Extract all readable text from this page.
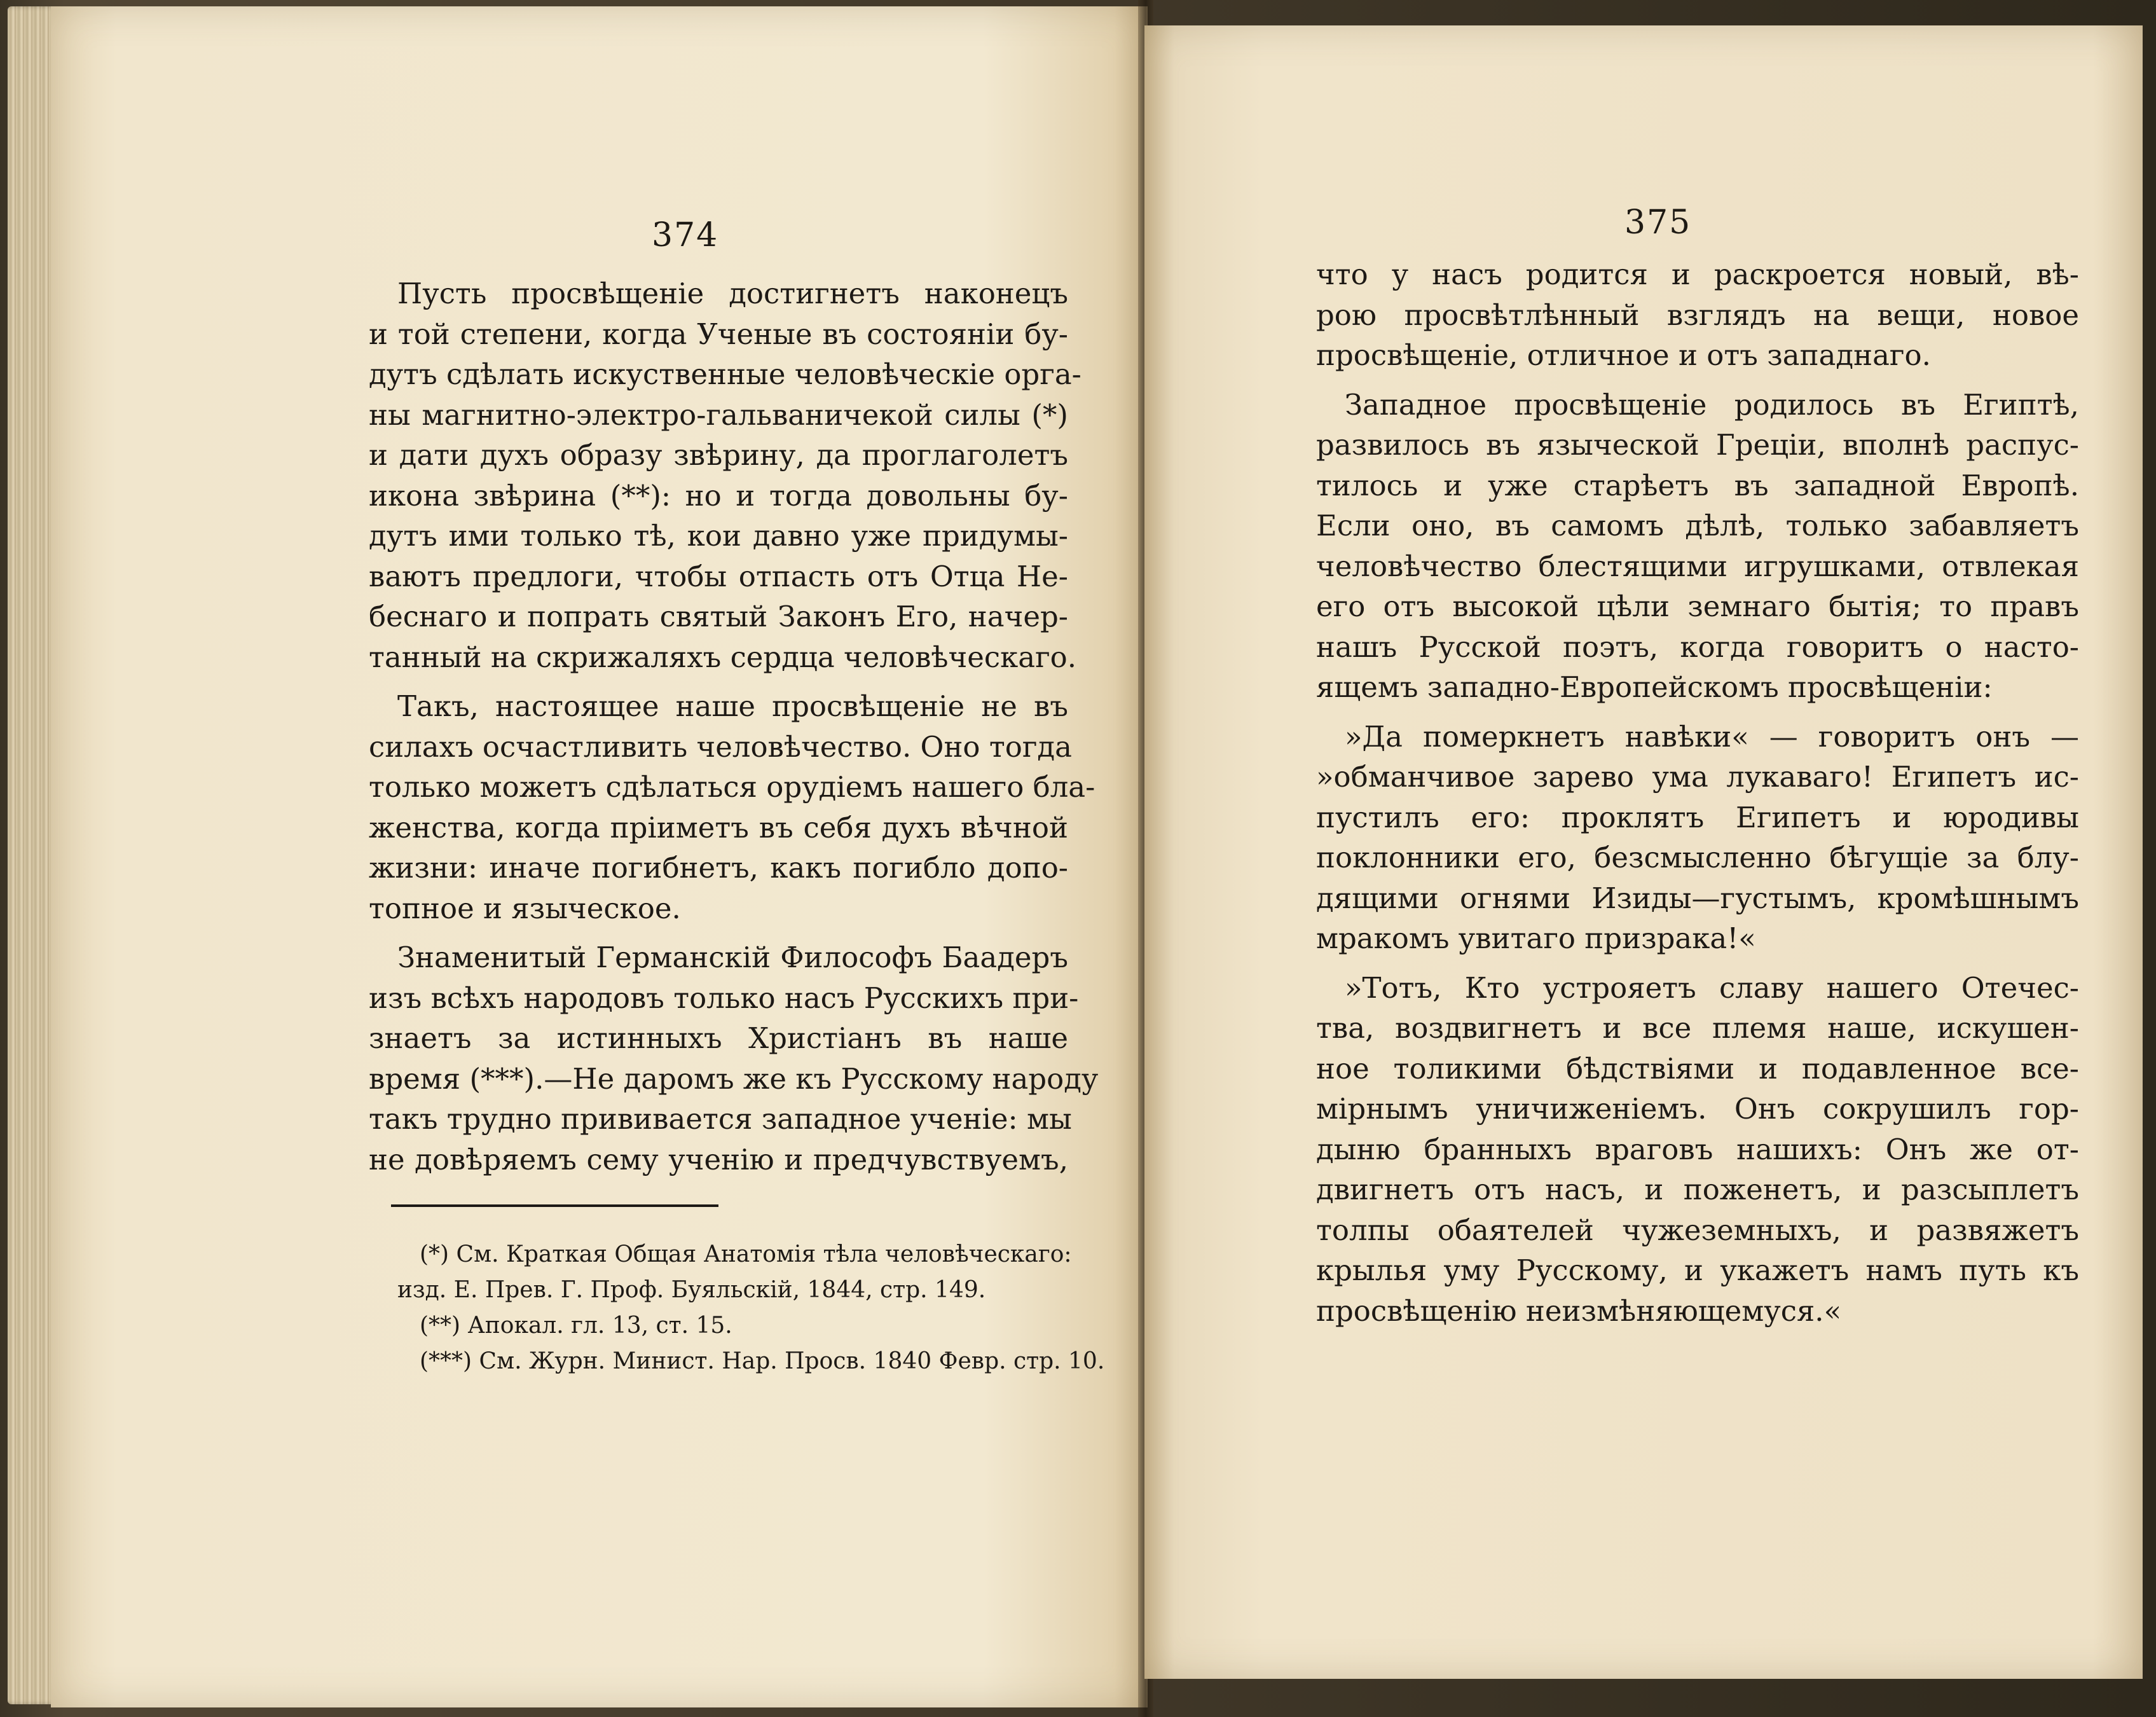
374
Пусть просвѣщеніе достигнетъ наконецъ
и той степени, когда Ученые въ состояніи бу-
дутъ сдѣлать искуственные человѣческіе орга-
ны магнитно-электро-гальваничекой силы (*)
и дати духъ образу звѣрину, да проглаголетъ
икона звѣрина (**): но и тогда довольны бу-
дутъ ими только тѣ, кои давно уже придумы-
ваютъ предлоги, чтобы отпасть отъ Отца Не-
беснаго и попрать святый Законъ Его, начер-
танный на скрижаляхъ сердца человѣческаго.
Такъ, настоящее наше просвѣщеніе не въ
силахъ осчастливить человѣчество. Оно тогда
только можетъ сдѣлаться орудіемъ нашего бла-
женства, когда пріиметъ въ себя духъ вѣчной
жизни: иначе погибнетъ, какъ погибло допо-
топное и языческое.
Знаменитый Германскій Философъ Баадеръ
изъ всѣхъ народовъ только насъ Русскихъ при-
знаетъ за истинныхъ Христіанъ въ наше
время (***).—Не даромъ же къ Русскому народу
такъ трудно прививается западное ученіе: мы
не довѣряемъ сему ученію и предчувствуемъ,
(*) См. Краткая Общая Анатомія тѣла человѣческаго:
изд. Е. Прев. Г. Проф. Буяльскій, 1844, стр. 149.
(**) Апокал. гл. 13, ст. 15.
(***) См. Журн. Минист. Нар. Просв. 1840 Февр. стр. 10.
375
что у насъ родится и раскроется новый, вѣ-
рою просвѣтлѣнный взглядъ на вещи, новое
просвѣщеніе, отличное и отъ западнаго.
Западное просвѣщеніе родилось въ Египтѣ,
развилось въ языческой Греціи, вполнѣ распус-
тилось и уже старѣетъ въ западной Европѣ.
Если оно, въ самомъ дѣлѣ, только забавляетъ
человѣчество блестящими игрушками, отвлекая
его отъ высокой цѣли земнаго бытія; то правъ
нашъ Русской поэтъ, когда говоритъ о насто-
ящемъ западно-Европейскомъ просвѣщеніи:
»Да померкнетъ навѣки« — говоритъ онъ —
»обманчивое зарево ума лукаваго! Египетъ ис-
пустилъ его: проклятъ Египетъ и юродивы
поклонники его, безсмысленно бѣгущіе за блу-
дящими огнями Изиды—густымъ, кромѣшнымъ
мракомъ увитаго призрака!«
»Тотъ, Кто устрояетъ славу нашего Отечес-
тва, воздвигнетъ и все племя наше, искушен-
ное толикими бѣдствіями и подавленное все-
мірнымъ уничиженіемъ. Онъ сокрушилъ гор-
дыню бранныхъ враговъ нашихъ: Онъ же от-
двигнетъ отъ насъ, и поженетъ, и разсыплетъ
толпы обаятелей чужеземныхъ, и развяжетъ
крылья уму Русскому, и укажетъ намъ путь къ
просвѣщенію неизмѣняющемуся.«
